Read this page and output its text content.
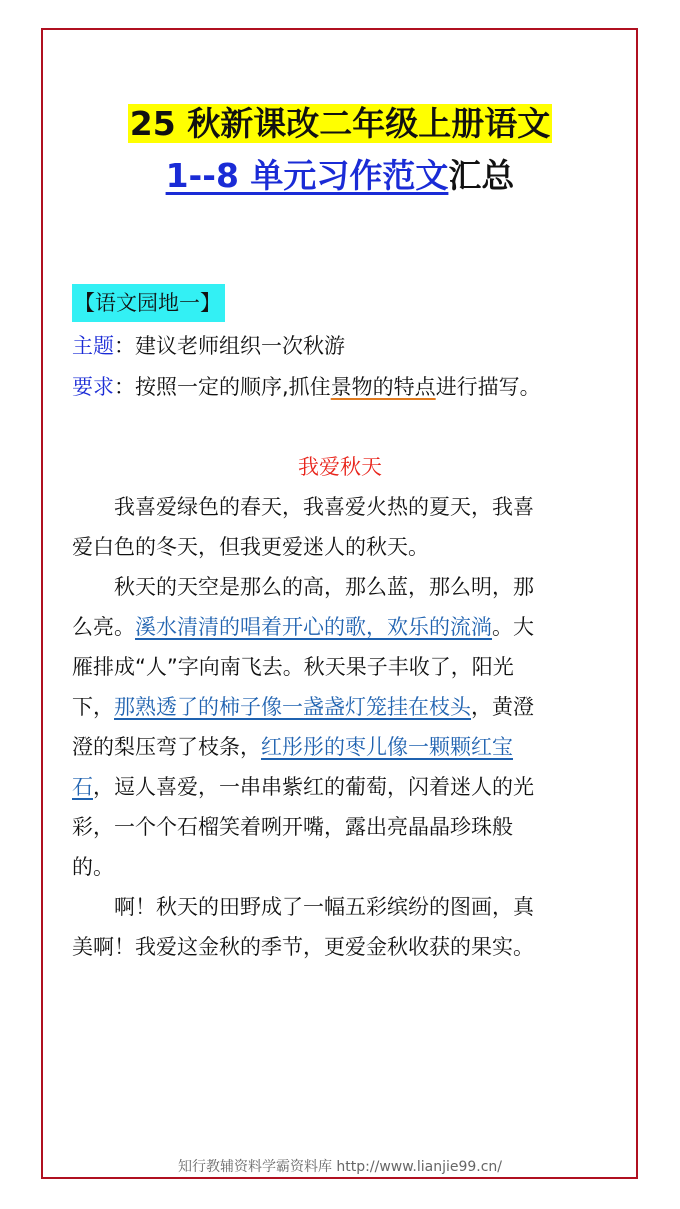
25 秋新课改二年级上册语文
1--8 单元习作范文汇总
【语文园地一】
主题：建议老师组织一次秋游
要求：按照一定的顺序,抓住景物的特点进行描写。
我爱秋天
　　我喜爱绿色的春天，我喜爱火热的夏天，我喜
爱白色的冬天，但我更爱迷人的秋天。
　　秋天的天空是那么的高，那么蓝，那么明，那
么亮。溪水清清的唱着开心的歌，欢乐的流淌。大
雁排成“人”字向南飞去。秋天果子丰收了，阳光
下，那熟透了的柿子像一盏盏灯笼挂在枝头，黄澄
澄的梨压弯了枝条，红彤彤的枣儿像一颗颗红宝
石，逗人喜爱，一串串紫红的葡萄，闪着迷人的光
彩，一个个石榴笑着咧开嘴，露出亮晶晶珍珠般
的。
　　啊！秋天的田野成了一幅五彩缤纷的图画，真
美啊！我爱这金秋的季节，更爱金秋收获的果实。
知行教辅资料学霸资料库 http://www.lianjie99.cn/
